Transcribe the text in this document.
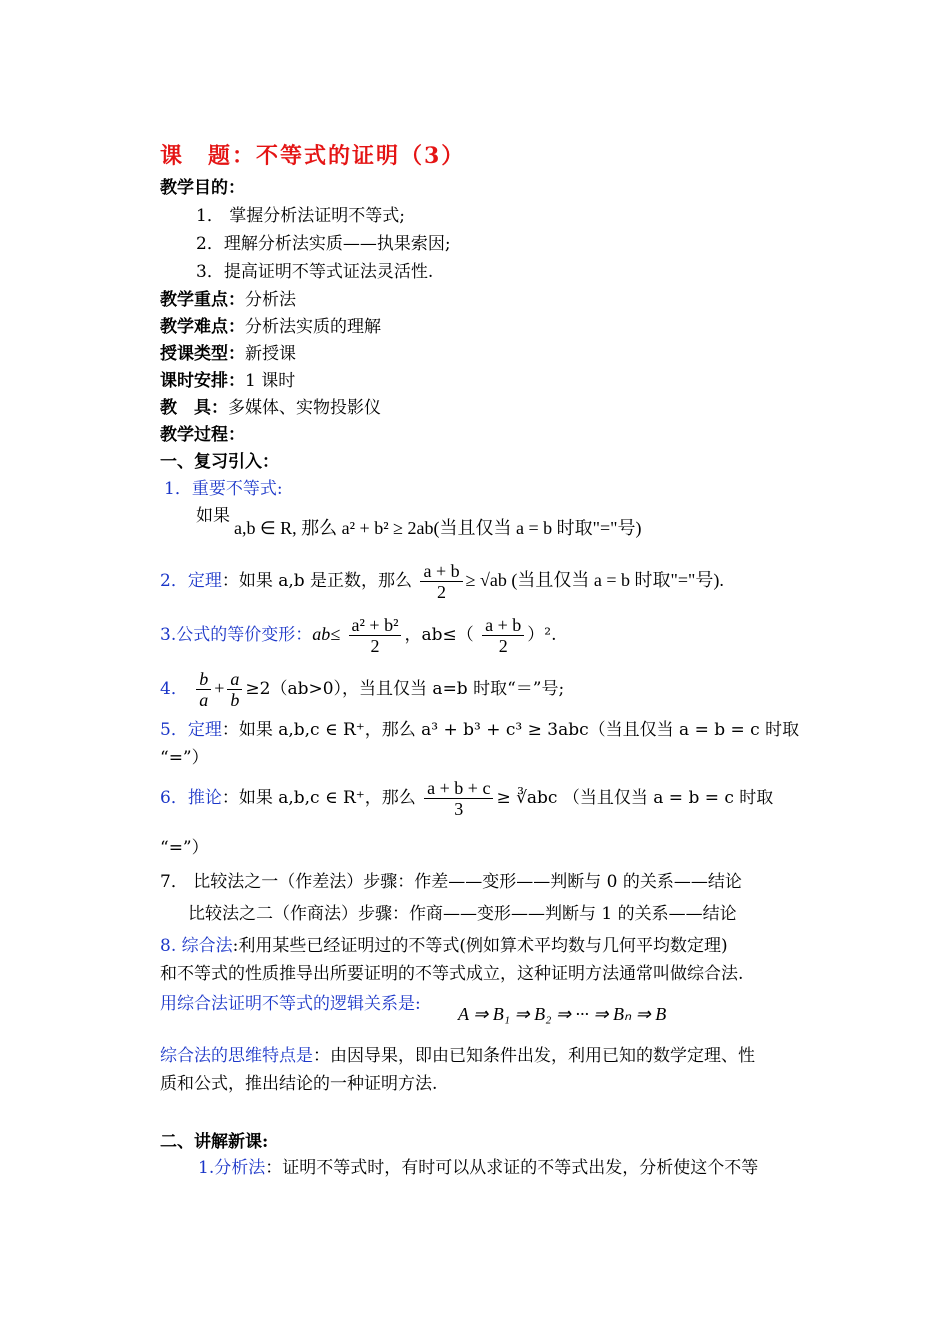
课　题：不等式的证明（3）
教学目的：
1． 掌握分析法证明不等式;
2．理解分析法实质——执果索因;
3．提高证明不等式证法灵活性.
教学重点：分析法
教学难点：分析法实质的理解
授课类型：新授课
课时安排：1 课时
教　具：多媒体、实物投影仪
教学过程：
一、复习引入：
1．重要不等式:
如果
a,b ∈ R, 那么 a² + b² ≥ 2ab(当且仅当 a = b 时取"="号)
2．定理：如果 a,b 是正数，那么 $\frac{a + b}{2} \ge √ab$ (当且仅当 a = b 时取"="号).
3.公式的等价变形：$ab\le \frac{\text{a² + b²}}{2}$ ，$ab\le( \frac{a + b}{2} )^2$.
4． $\frac{b}{a} + \frac{a}{b} \ge 2(ab>0)$，当且仅当 a=b 时取“＝”号;
5．定理：如果 a,b,c ∈ R⁺，那么 a³ + b³ + c³ ≥ 3abc（当且仅当 a = b = c 时取
“=”）
6．推论：如果 a,b,c ∈ R⁺，那么 $\frac{a + b + c}{3}$ ≥ ∛abc （当且仅当 a = b = c 时取
“=”）
7． 比较法之一（作差法）步骤：作差——变形——判断与 0 的关系——结论
比较法之二（作商法）步骤：作商——变形——判断与 1 的关系——结论
8. 综合法:利用某些已经证明过的不等式(例如算术平均数与几何平均数定理)
和不等式的性质推导出所要证明的不等式成立，这种证明方法通常叫做综合法.
用综合法证明不等式的逻辑关系是: A ⇒ B₁ ⇒ B₂ ⇒ ··· ⇒ Bₙ ⇒ B
综合法的思维特点是：由因导果，即由已知条件出发，利用已知的数学定理、性
质和公式，推出结论的一种证明方法.
二、讲解新课:
1.分析法：证明不等式时，有时可以从求证的不等式出发，分析使这个不等
